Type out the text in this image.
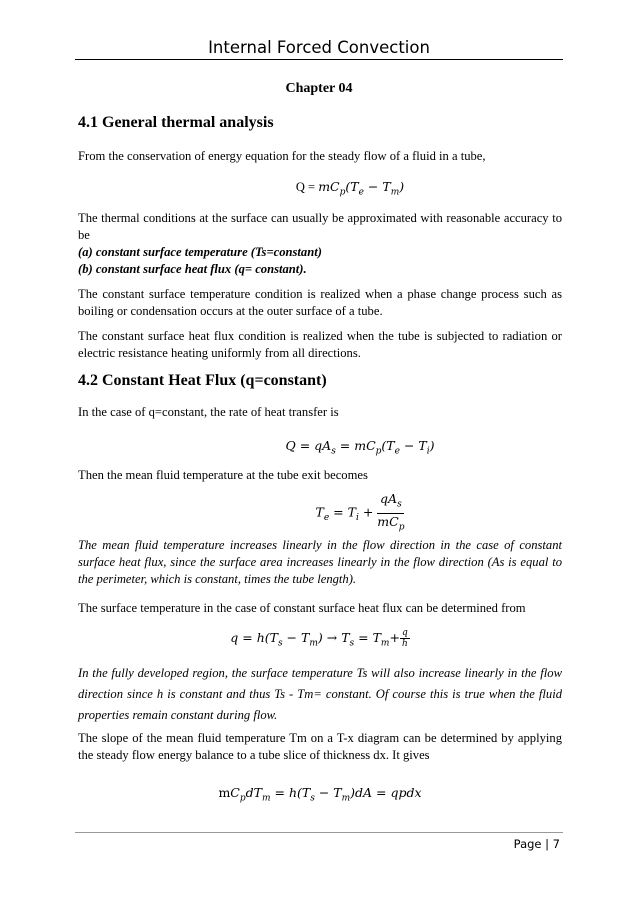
Internal Forced Convection
Chapter 04
4.1 General thermal analysis
From the conservation of energy equation for the steady flow of a fluid in a tube,
$Q = mC_p(T_e - T_m)$
The thermal conditions at the surface can usually be approximated with reasonable accuracy to be
(a) constant surface temperature (Ts=constant)
(b) constant surface heat flux (q= constant).
The constant surface temperature condition is realized when a phase change process such as boiling or condensation occurs at the outer surface of a tube.
The constant surface heat flux condition is realized when the tube is subjected to radiation or electric resistance heating uniformly from all directions.
4.2 Constant Heat Flux (q=constant)
In the case of q=constant, the rate of heat transfer is
$Q = qA_s = mC_p(T_e - T_i)$
Then the mean fluid temperature at the tube exit becomes
$T_e = T_i + \frac{qA_s}{mC_p}$
The mean fluid temperature increases linearly in the flow direction in the case of constant surface heat flux, since the surface area increases linearly in the flow direction (As is equal to the perimeter, which is constant, times the tube length).
The surface temperature in the case of constant surface heat flux can be determined from
$q = h(T_s - T_m) \to T_s = T_m+ \frac{q}{h}$
In the fully developed region, the surface temperature Ts will also increase linearly in the flow direction since h is constant and thus Ts - Tm= constant. Of course this is true when the fluid properties remain constant during flow.
The slope of the mean fluid temperature Tm on a T-x diagram can be determined by applying the steady flow energy balance to a tube slice of thickness dx. It gives
$mC_pdT_m = h(T_s - T_m)dA$ = qpdx
Page | 7
